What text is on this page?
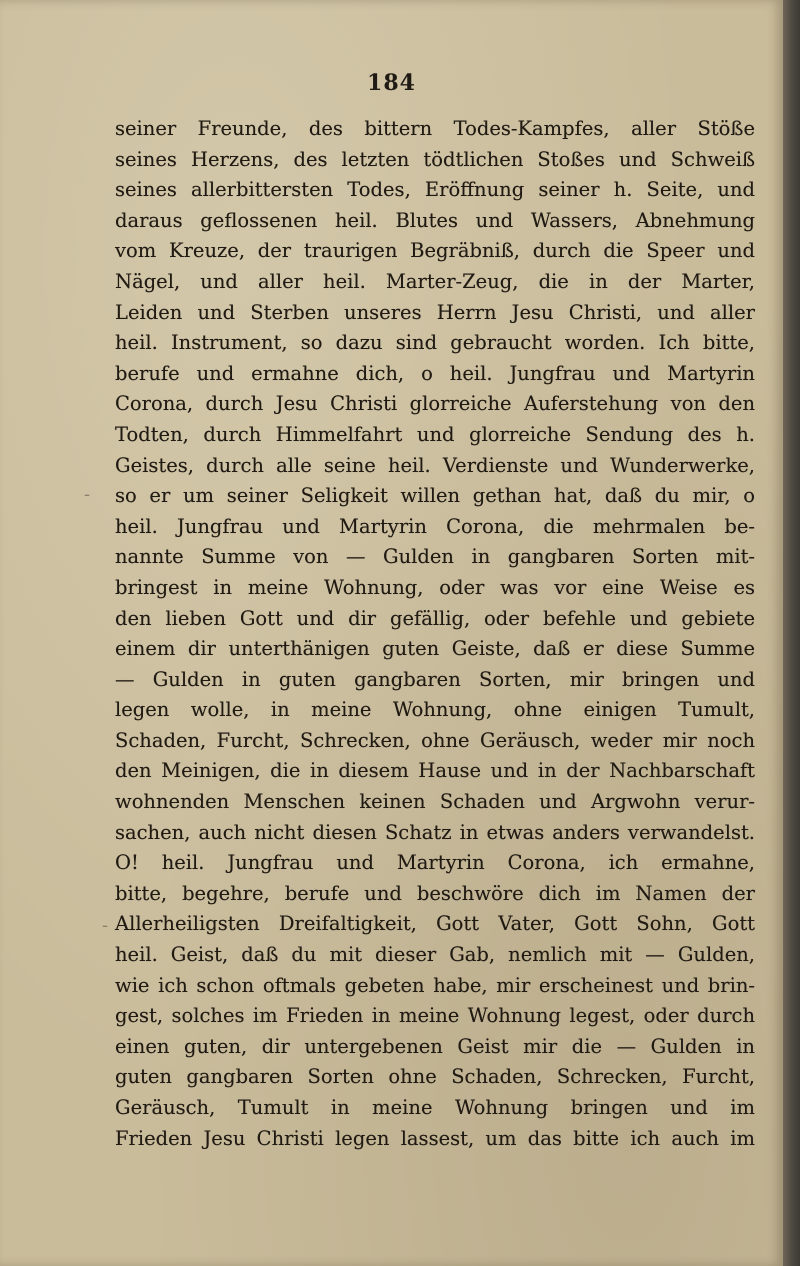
184
seiner Freunde, des bittern Todes-Kampfes, aller Stöße
seines Herzens, des letzten tödtlichen Stoßes und Schweiß
seines allerbittersten Todes, Eröffnung seiner h. Seite, und
daraus geflossenen heil. Blutes und Wassers, Abnehmung
vom Kreuze, der traurigen Begräbniß, durch die Speer und
Nägel, und aller heil. Marter-Zeug, die in der Marter,
Leiden und Sterben unseres Herrn Jesu Christi, und aller
heil. Instrument, so dazu sind gebraucht worden. Ich bitte,
berufe und ermahne dich, o heil. Jungfrau und Martyrin
Corona, durch Jesu Christi glorreiche Auferstehung von den
Todten, durch Himmelfahrt und glorreiche Sendung des h.
Geistes, durch alle seine heil. Verdienste und Wunderwerke,
so er um seiner Seligkeit willen gethan hat, daß du mir, o
heil. Jungfrau und Martyrin Corona, die mehrmalen be-
nannte Summe von — Gulden in gangbaren Sorten mit-
bringest in meine Wohnung, oder was vor eine Weise es
den lieben Gott und dir gefällig, oder befehle und gebiete
einem dir unterthänigen guten Geiste, daß er diese Summe
— Gulden in guten gangbaren Sorten, mir bringen und
legen wolle, in meine Wohnung, ohne einigen Tumult,
Schaden, Furcht, Schrecken, ohne Geräusch, weder mir noch
den Meinigen, die in diesem Hause und in der Nachbarschaft
wohnenden Menschen keinen Schaden und Argwohn verur-
sachen, auch nicht diesen Schatz in etwas anders verwandelst.
O! heil. Jungfrau und Martyrin Corona, ich ermahne,
bitte, begehre, berufe und beschwöre dich im Namen der
Allerheiligsten Dreifaltigkeit, Gott Vater, Gott Sohn, Gott
heil. Geist, daß du mit dieser Gab, nemlich mit — Gulden,
wie ich schon oftmals gebeten habe, mir erscheinest und brin-
gest, solches im Frieden in meine Wohnung legest, oder durch
einen guten, dir untergebenen Geist mir die — Gulden in
guten gangbaren Sorten ohne Schaden, Schrecken, Furcht,
Geräusch, Tumult in meine Wohnung bringen und im
Frieden Jesu Christi legen lassest, um das bitte ich auch im
-
-
